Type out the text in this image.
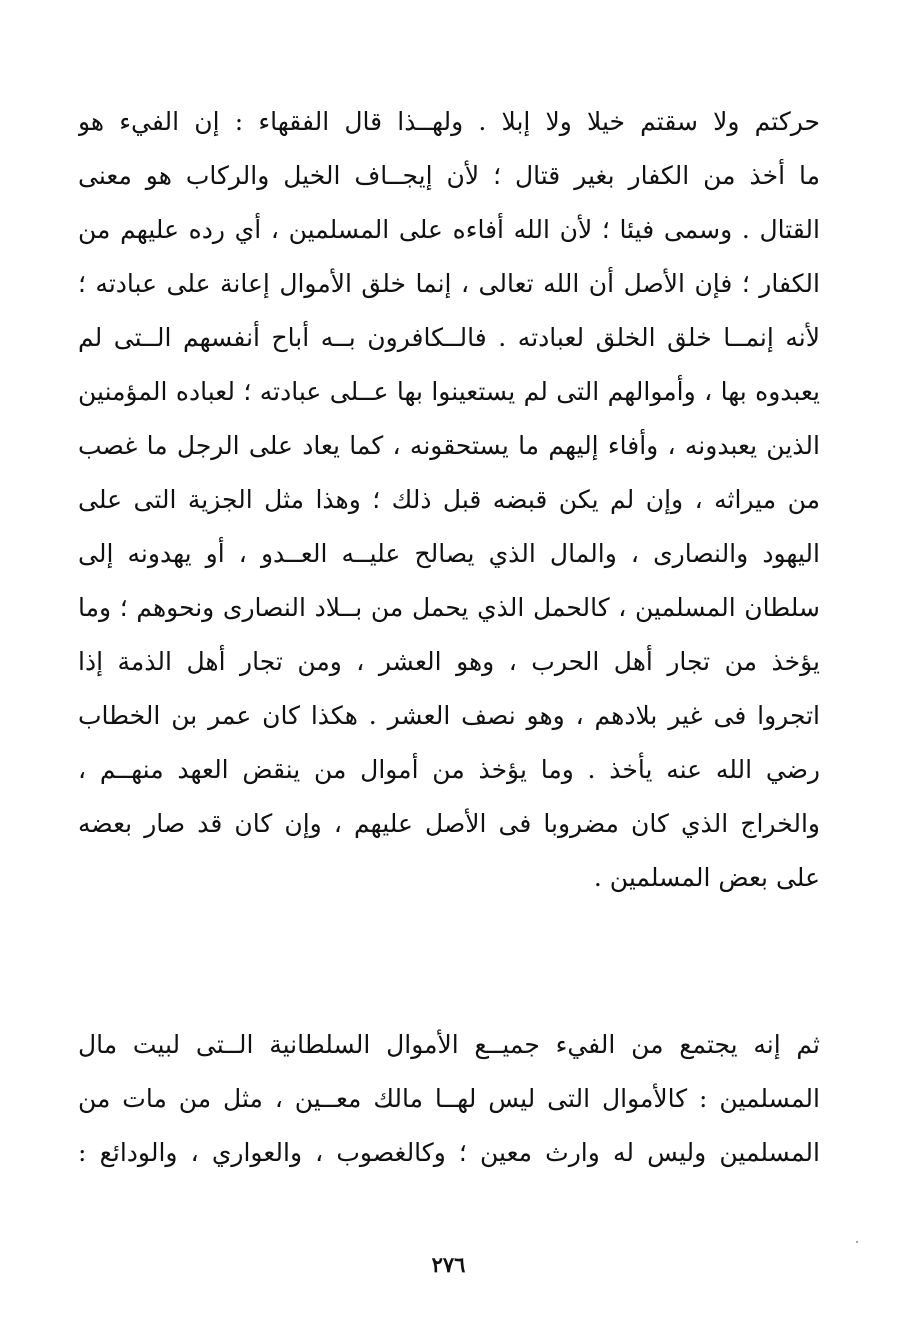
حركتم ولا سقتم خيلا ولا إبلا . ولهــذا قال الفقهاء : إن الفيء هو
ما أخذ من الكفار بغير قتال ؛ لأن إيجــاف الخيل والركاب هو معنى
القتال . وسمى فيئا ؛ لأن الله أفاءه على المسلمين ، أي رده عليهم من
الكفار ؛ فإن الأصل أن الله تعالى ، إنما خلق الأموال إعانة على عبادته ؛
لأنه إنمــا خلق الخلق لعبادته . فالــكافرون بــه أباح أنفسهم الــتى لم
يعبدوه بها ، وأموالهم التى لم يستعينوا بها عــلى عبادته ؛ لعباده المؤمنين
الذين يعبدونه ، وأفاء إليهم ما يستحقونه ، كما يعاد على الرجل ما غصب
من ميراثه ، وإن لم يكن قبضه قبل ذلك ؛ وهذا مثل الجزية التى على
اليهود والنصارى ، والمال الذي يصالح عليــه العــدو ، أو يهدونه إلى
سلطان المسلمين ، كالحمل الذي يحمل من بــلاد النصارى ونحوهم ؛ وما
يؤخذ من تجار أهل الحرب ، وهو العشر ، ومن تجار أهل الذمة إذا
اتجروا فى غير بلادهم ، وهو نصف العشر . هكذا كان عمر بن الخطاب
رضي الله عنه يأخذ . وما يؤخذ من أموال من ينقض العهد منهــم ،
والخراج الذي كان مضروبا فى الأصل عليهم ، وإن كان قد صار بعضه
على بعض المسلمين .
ثم إنه يجتمع من الفيء جميــع الأموال السلطانية الــتى لبيت مال
المسلمين : كالأموال التى ليس لهــا مالك معــين ، مثل من مات من
المسلمين وليس له وارث معين ؛ وكالغصوب ، والعواري ، والودائع :
٢٧٦
